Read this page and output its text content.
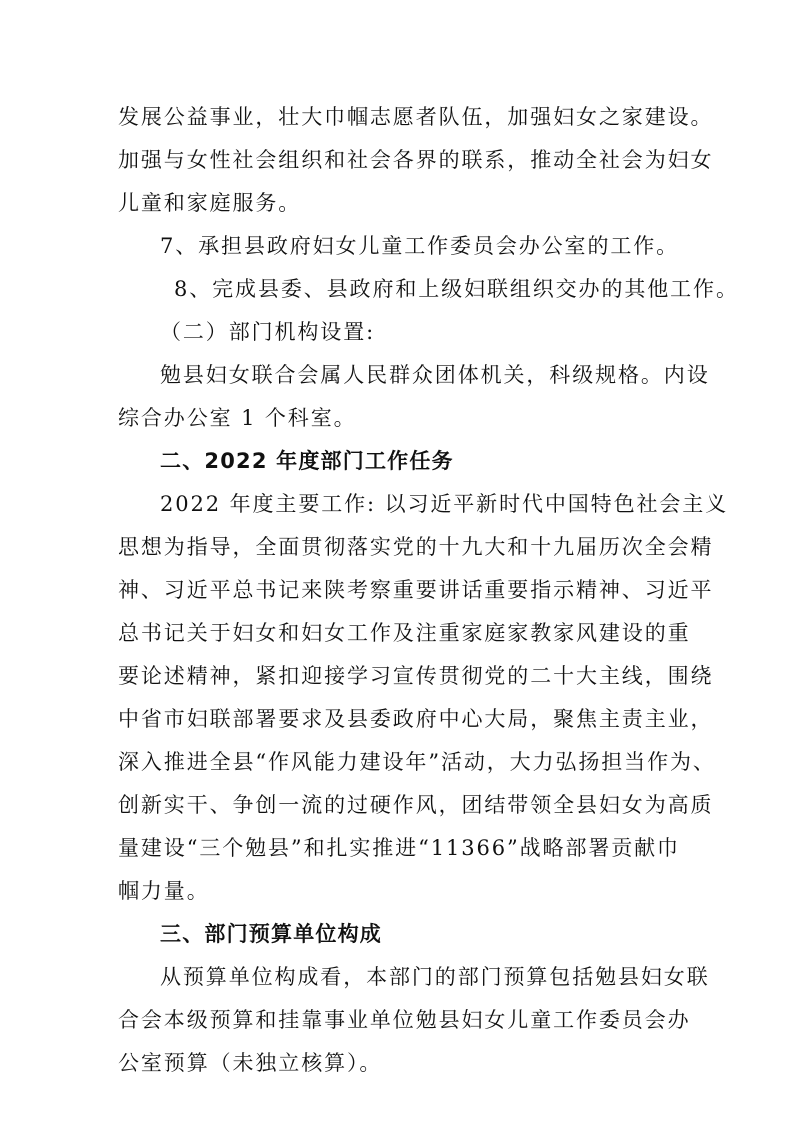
发展公益事业，壮大巾帼志愿者队伍，加强妇女之家建设。

加强与女性社会组织和社会各界的联系，推动全社会为妇女

儿童和家庭服务。

7、承担县政府妇女儿童工作委员会办公室的工作。

8、完成县委、县政府和上级妇联组织交办的其他工作。

（二）部门机构设置:

勉县妇女联合会属人民群众团体机关，科级规格。内设

综合办公室 1 个科室。

二、2022 年度部门工作任务

2022 年度主要工作: 以习近平新时代中国特色社会主义

思想为指导，全面贯彻落实党的十九大和十九届历次全会精

神、习近平总书记来陕考察重要讲话重要指示精神、习近平

总书记关于妇女和妇女工作及注重家庭家教家风建设的重

要论述精神，紧扣迎接学习宣传贯彻党的二十大主线，围绕

中省市妇联部署要求及县委政府中心大局，聚焦主责主业，

深入推进全县“作风能力建设年”活动，大力弘扬担当作为、

创新实干、争创一流的过硬作风，团结带领全县妇女为高质

量建设“三个勉县”和扎实推进“11366”战略部署贡献巾

帼力量。

三、部门预算单位构成

从预算单位构成看，本部门的部门预算包括勉县妇女联

合会本级预算和挂靠事业单位勉县妇女儿童工作委员会办

公室预算（未独立核算）。
